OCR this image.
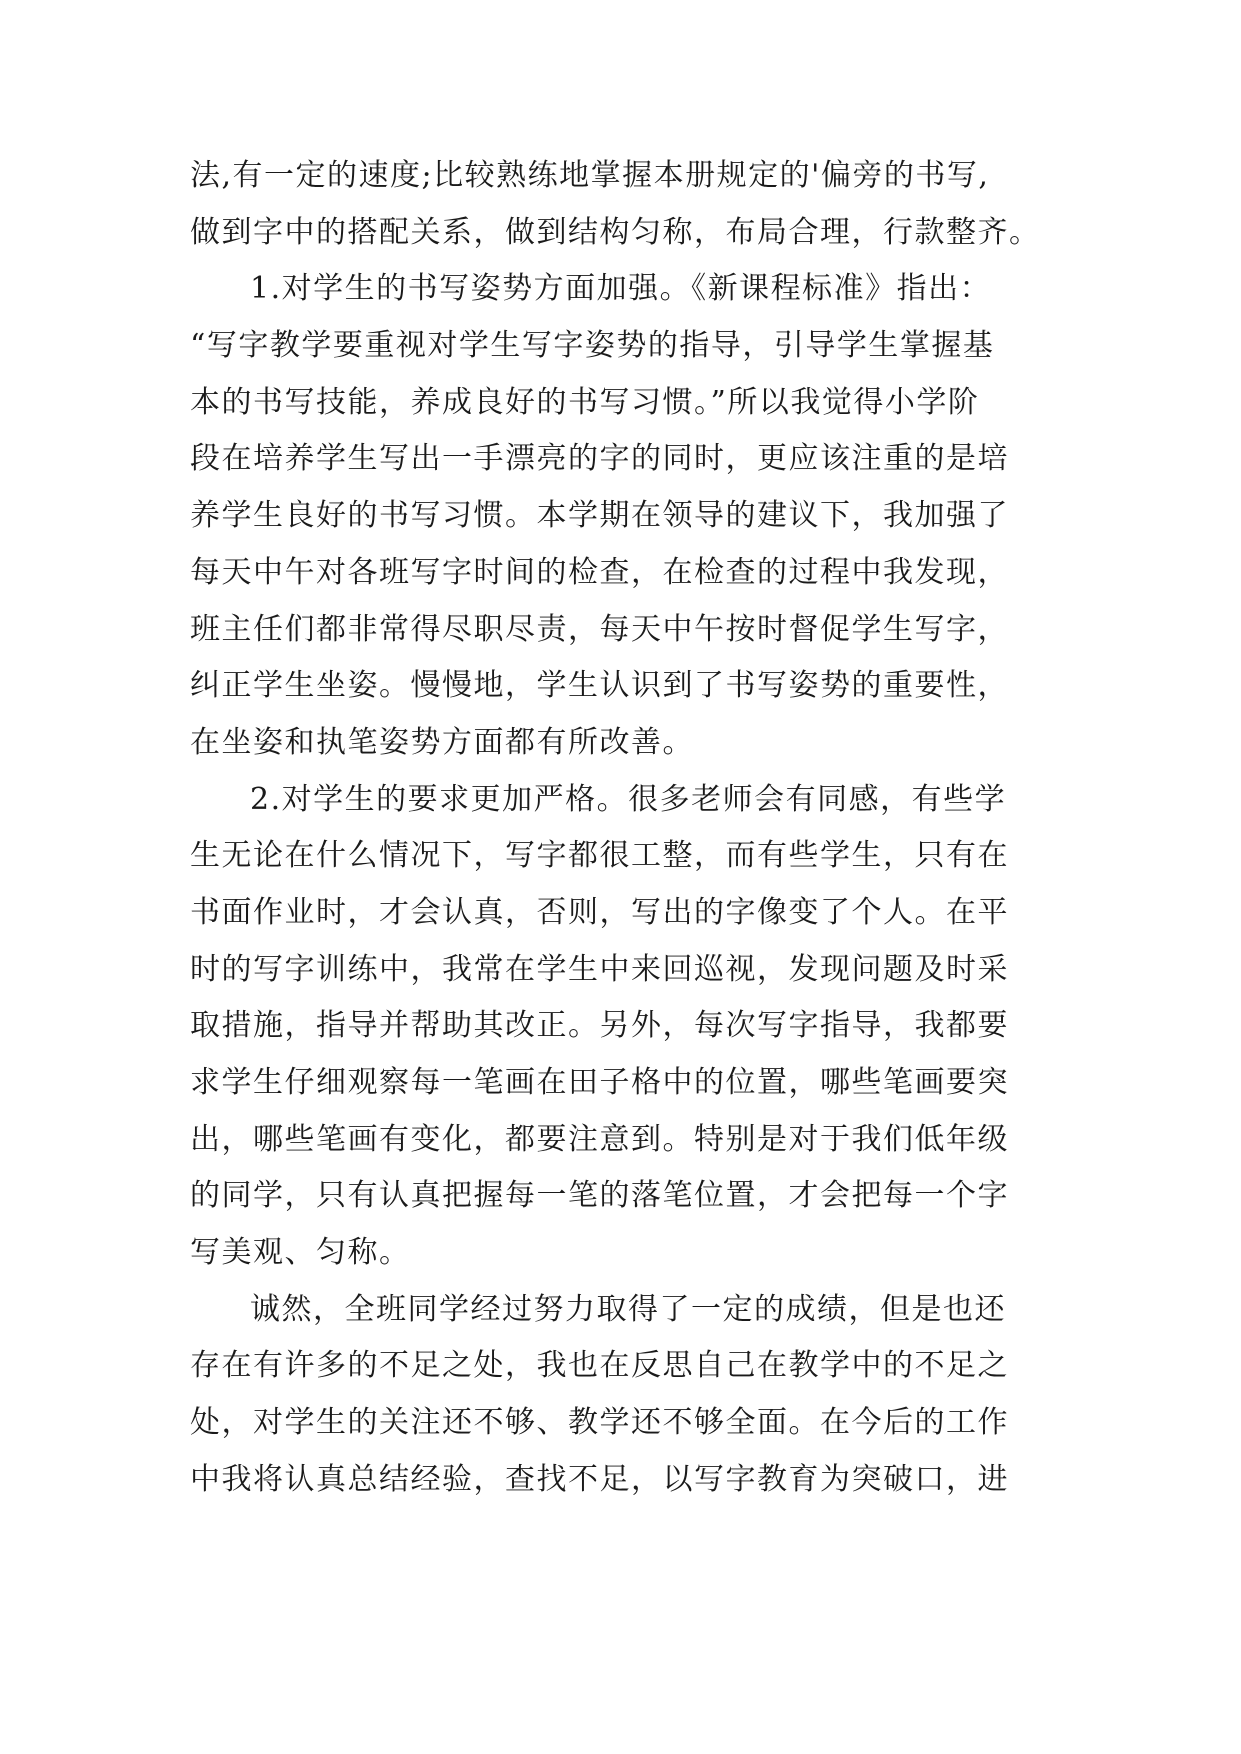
法,有一定的速度;比较熟练地掌握本册规定的'偏旁的书写,
做到字中的搭配关系，做到结构匀称，布局合理，行款整齐。
1.对学生的书写姿势方面加强。《新课程标准》指出：
“写字教学要重视对学生写字姿势的指导，引导学生掌握基
本的书写技能，养成良好的书写习惯。”所以我觉得小学阶
段在培养学生写出一手漂亮的字的同时，更应该注重的是培
养学生良好的书写习惯。本学期在领导的建议下，我加强了
每天中午对各班写字时间的检查，在检查的过程中我发现，
班主任们都非常得尽职尽责，每天中午按时督促学生写字，
纠正学生坐姿。慢慢地，学生认识到了书写姿势的重要性，
在坐姿和执笔姿势方面都有所改善。
2.对学生的要求更加严格。很多老师会有同感，有些学
生无论在什么情况下，写字都很工整，而有些学生，只有在
书面作业时，才会认真，否则，写出的字像变了个人。在平
时的写字训练中，我常在学生中来回巡视，发现问题及时采
取措施，指导并帮助其改正。另外，每次写字指导，我都要
求学生仔细观察每一笔画在田子格中的位置，哪些笔画要突
出，哪些笔画有变化，都要注意到。特别是对于我们低年级
的同学，只有认真把握每一笔的落笔位置，才会把每一个字
写美观、匀称。
诚然，全班同学经过努力取得了一定的成绩，但是也还
存在有许多的不足之处，我也在反思自己在教学中的不足之
处，对学生的关注还不够、教学还不够全面。在今后的工作
中我将认真总结经验，查找不足，以写字教育为突破口，进
